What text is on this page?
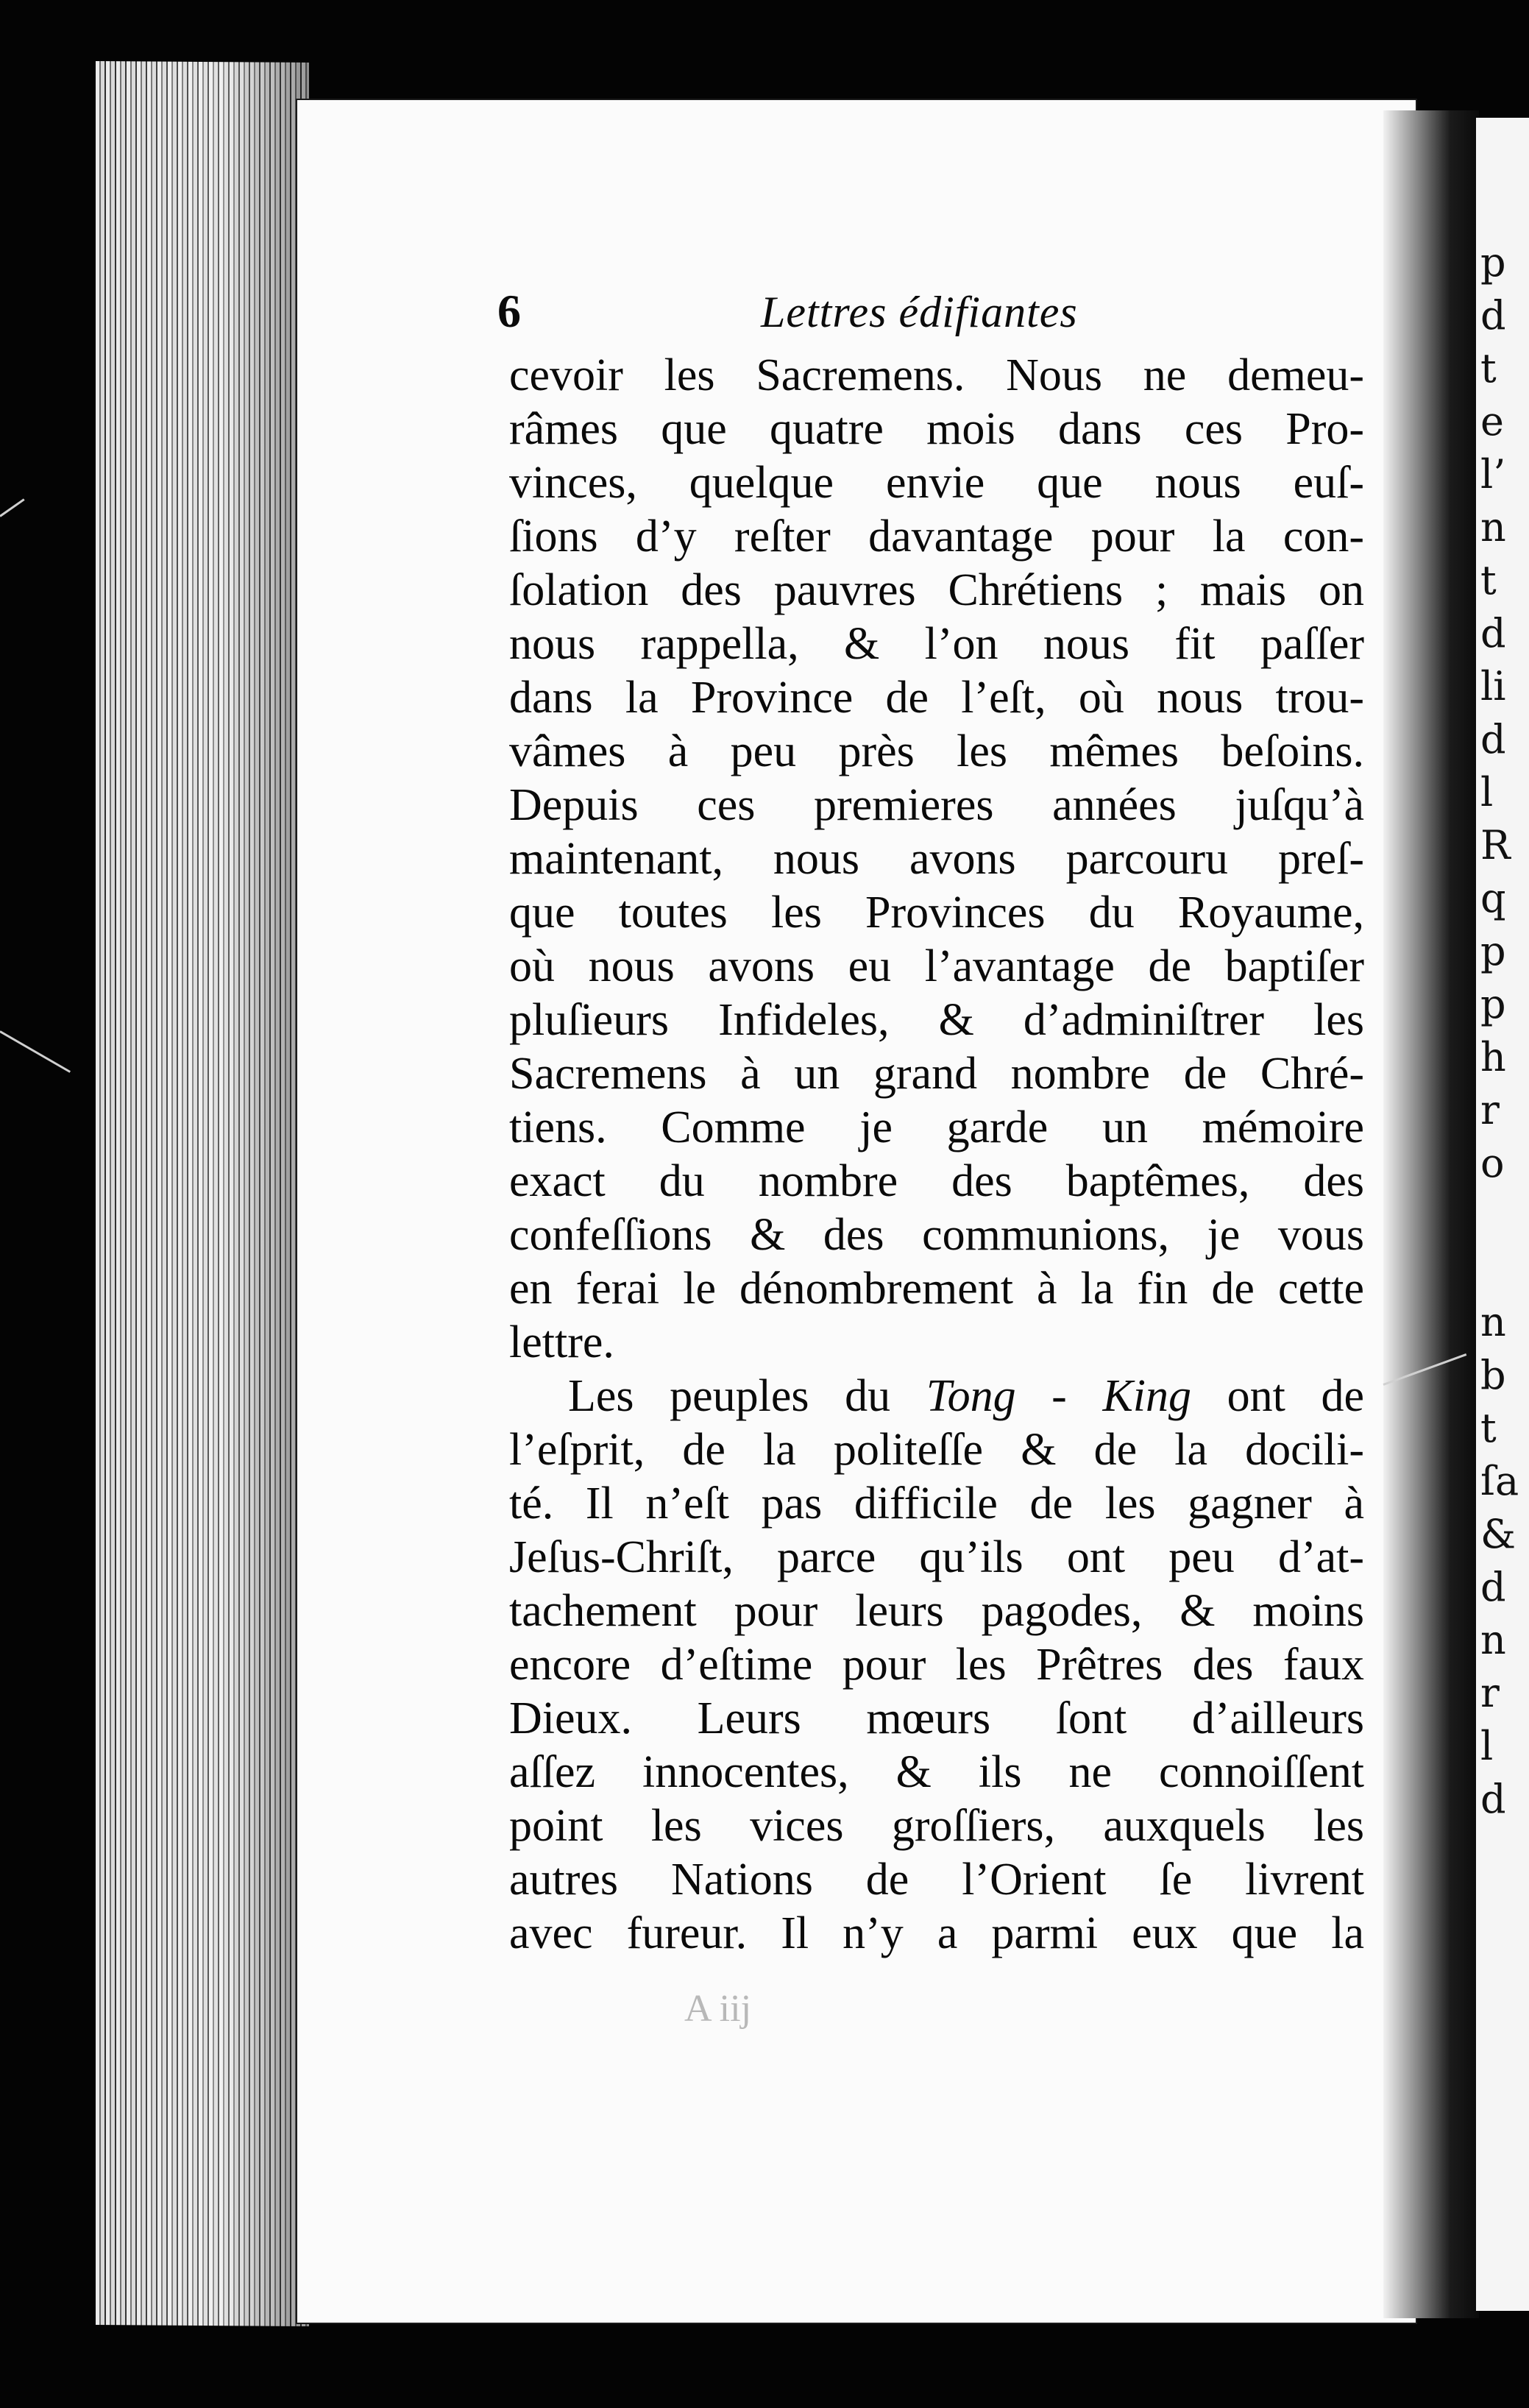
p
d
t
e
l’
n
t
d
li
d
l
R
q
p
p
h
r
o
n
b
t
ſa
&
d
n
r
l
d
6	Lettres édifiantes
cevoir les Sacremens. Nous ne demeu-
râmes que quatre mois dans ces Pro-
vinces, quelque envie que nous euſ-
ſions d’y reſter davantage pour la con-
ſolation des pauvres Chrétiens ; mais on
nous rappella, & l’on nous fit paſſer
dans la Province de l’eſt, où nous trou-
vâmes à peu près les mêmes beſoins.
Depuis ces premieres années juſqu’à
maintenant, nous avons parcouru preſ-
que toutes les Provinces du Royaume,
où nous avons eu l’avantage de baptiſer
pluſieurs Infideles, & d’adminiſtrer les
Sacremens à un grand nombre de Chré-
tiens. Comme je garde un mémoire
exact du nombre des baptêmes, des
confeſſions & des communions, je vous
en ferai le dénombrement à la fin de cette
lettre.
Les peuples du Tong - King ont de
l’eſprit, de la politeſſe & de la docili-
té. Il n’eſt pas difficile de les gagner à
Jeſus-Chriſt, parce qu’ils ont peu d’at-
tachement pour leurs pagodes, & moins
encore d’eſtime pour les Prêtres des faux
Dieux. Leurs mœurs ſont d’ailleurs
aſſez innocentes, & ils ne connoiſſent
point les vices groſſiers, auxquels les
autres Nations de l’Orient ſe livrent
avec fureur. Il n’y a parmi eux que la
A iij
